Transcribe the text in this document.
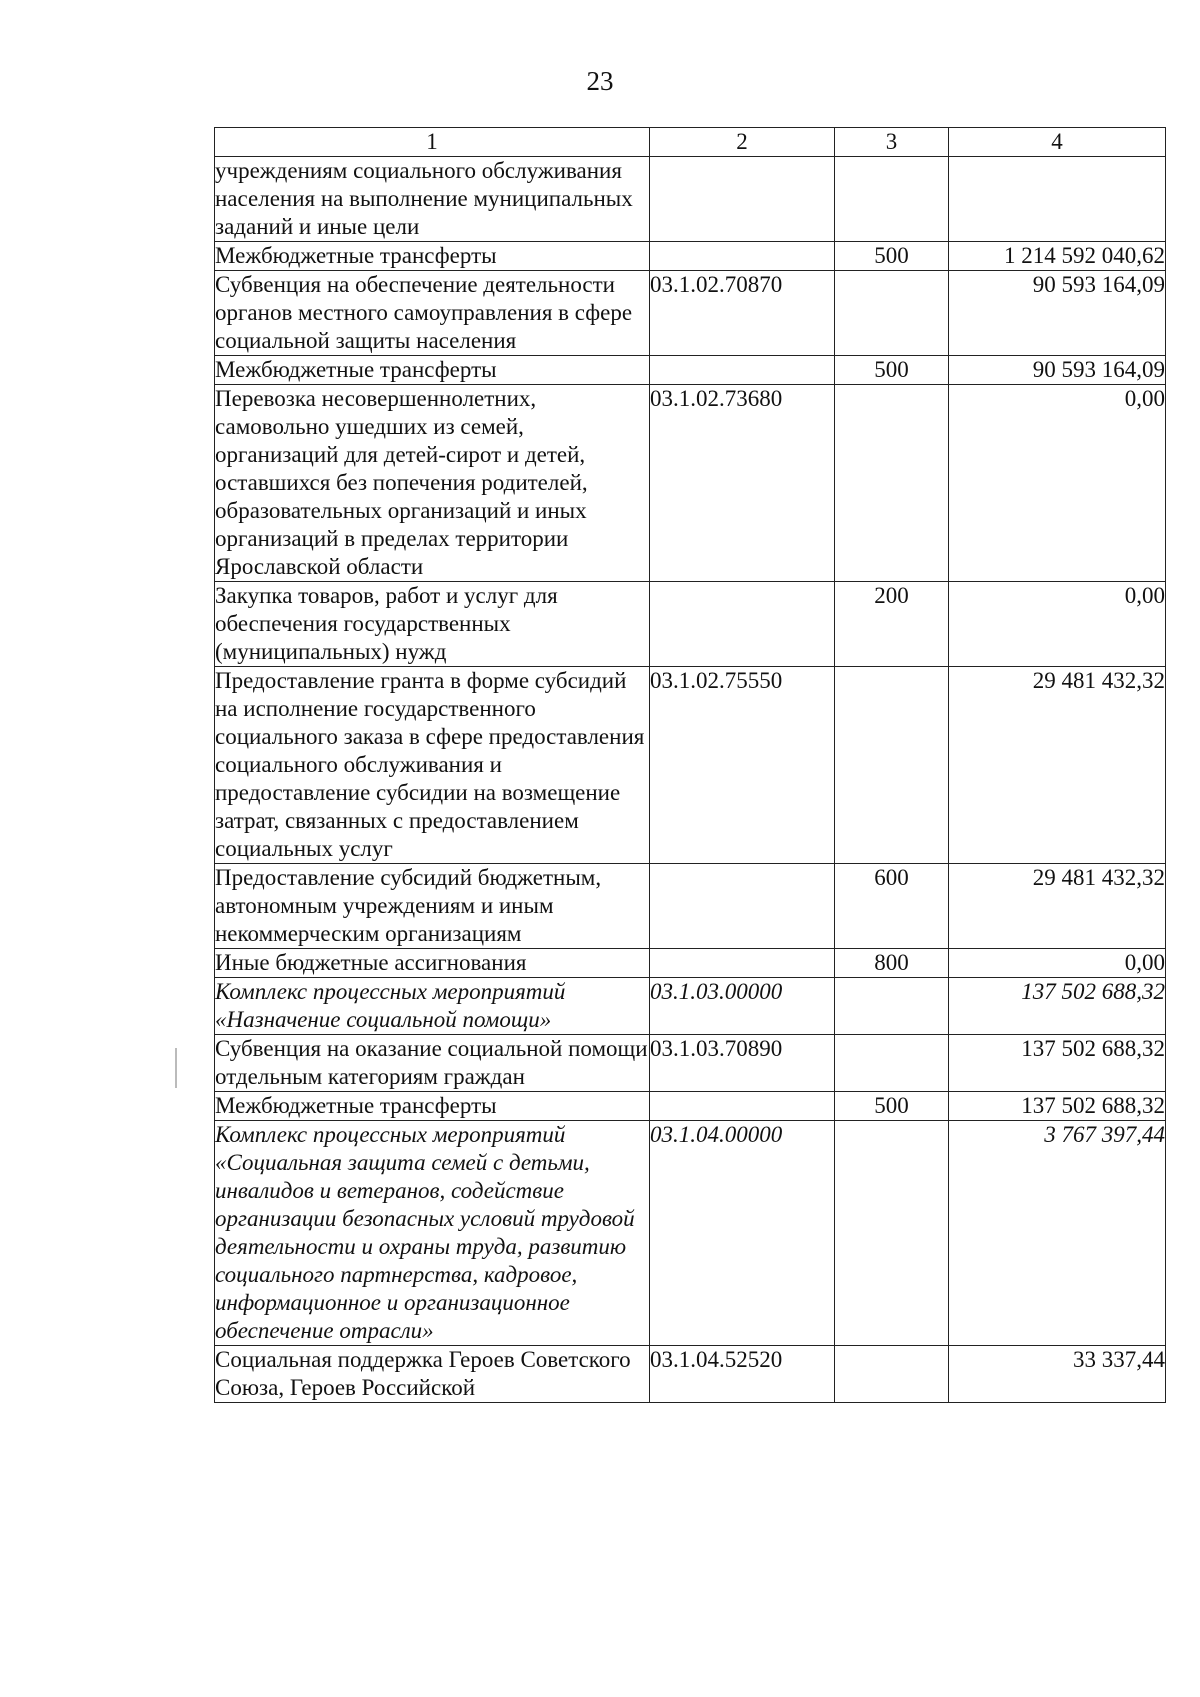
23
1	2	3	4
учреждениям социального обслуживания населения на выполнение муниципальных заданий и иные цели			
Межбюджетные трансферты		500	1 214 592 040,62
Субвенция на обеспечение деятельности органов местного самоуправления в сфере социальной защиты населения	03.1.02.70870		90 593 164,09
Межбюджетные трансферты		500	90 593 164,09
Перевозка несовершеннолетних, самовольно ушедших из семей, организаций для детей-сирот и детей, оставшихся без попечения родителей, образовательных организаций и иных организаций в пределах территории Ярославской области	03.1.02.73680		0,00
Закупка товаров, работ и услуг для обеспечения государственных (муниципальных) нужд		200	0,00
Предоставление гранта в форме субсидий на исполнение государственного социального заказа в сфере предоставления социального обслуживания и предоставление субсидии на возмещение затрат, связанных с предоставлением социальных услуг	03.1.02.75550		29 481 432,32
Предоставление субсидий бюджетным, автономным учреждениям и иным некоммерческим организациям		600	29 481 432,32
Иные бюджетные ассигнования		800	0,00
Комплекс процессных мероприятий «Назначение социальной помощи»	03.1.03.00000		137 502 688,32
Субвенция на оказание социальной помощи отдельным категориям граждан	03.1.03.70890		137 502 688,32
Межбюджетные трансферты		500	137 502 688,32
Комплекс процессных мероприятий «Социальная защита семей с детьми, инвалидов и ветеранов, содействие организации безопасных условий трудовой деятельности и охраны труда, развитию социального партнерства, кадровое, информационное и организационное обеспечение отрасли»	03.1.04.00000		3 767 397,44
Социальная поддержка Героев Советского Союза, Героев Российской	03.1.04.52520		33 337,44
